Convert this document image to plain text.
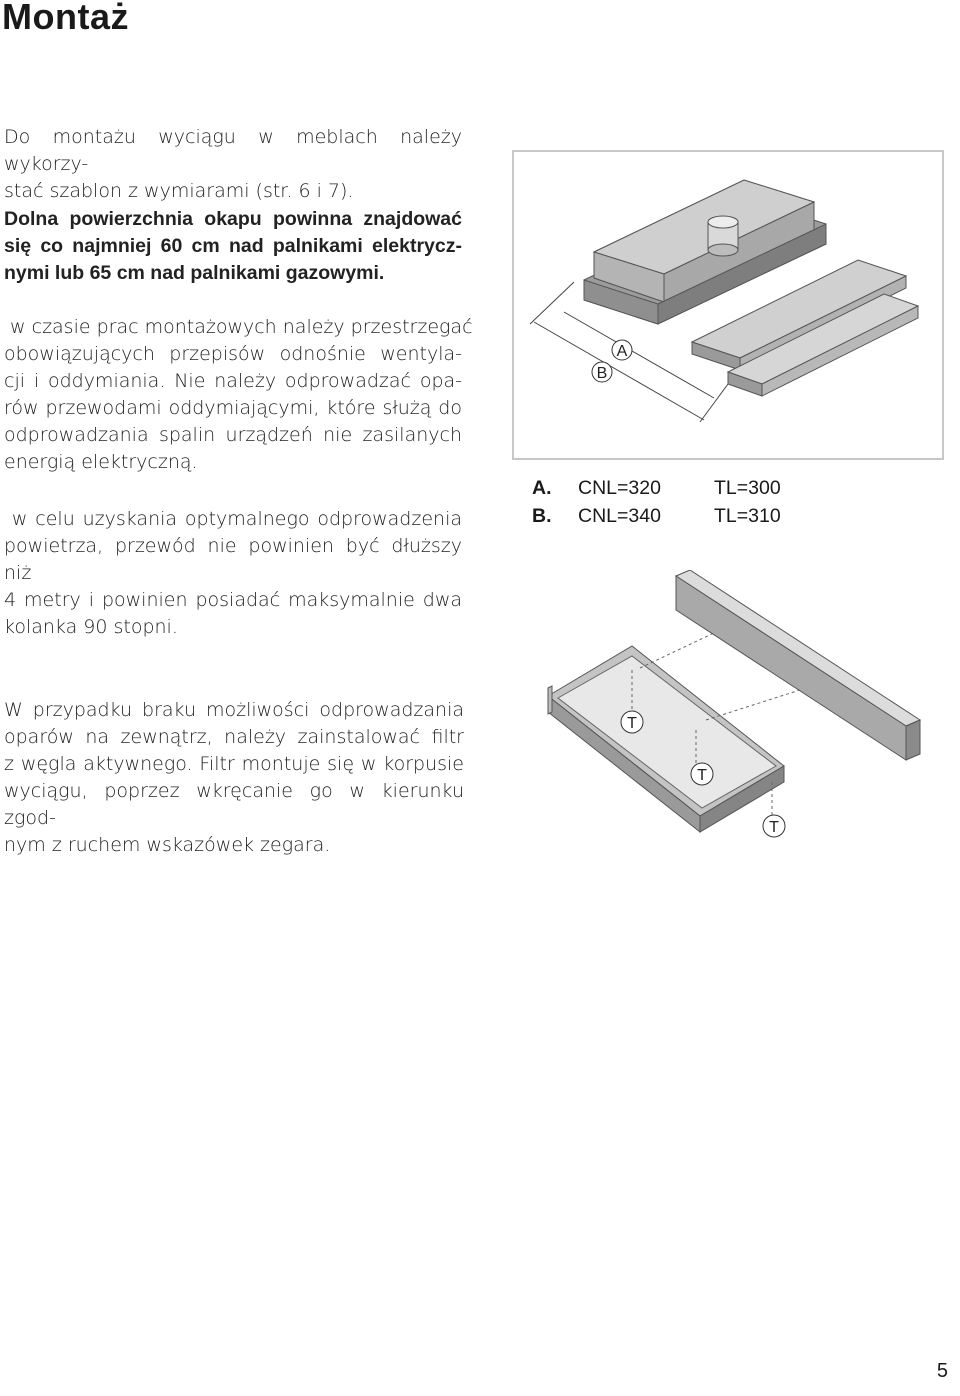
Montaż

Do montażu wyciągu w meblach należy wykorzy-
stać szablon z wymiarami (str. 6 i 7).

Dolna powierzchnia okapu powinna znajdować
się co najmniej 60 cm nad palnikami elektrycz-
nymi lub 65 cm nad palnikami gazowymi.

w czasie prac montażowych należy przestrzegać
obowiązujących przepisów odnośnie wentyla-
cji i oddymiania. Nie należy odprowadzać opa-
rów przewodami oddymiającymi, które służą do
odprowadzania spalin urządzeń nie zasilanych
energią elektryczną.

w celu uzyskania optymalnego odprowadzenia
powietrza, przewód nie powinien być dłuższy niż
4 metry i powinien posiadać maksymalnie dwa
kolanka 90 stopni.

W przypadku braku możliwości odprowadzania
oparów na zewnątrz, należy zainstalować filtr
z węgla aktywnego. Filtr montuje się w korpusie
wyciągu, poprzez wkręcanie go w kierunku zgod-
nym z ruchem wskazówek zegara.

A
B
A.	CNL=320	TL=300
B.	CNL=340	TL=310
T
T
T
5
